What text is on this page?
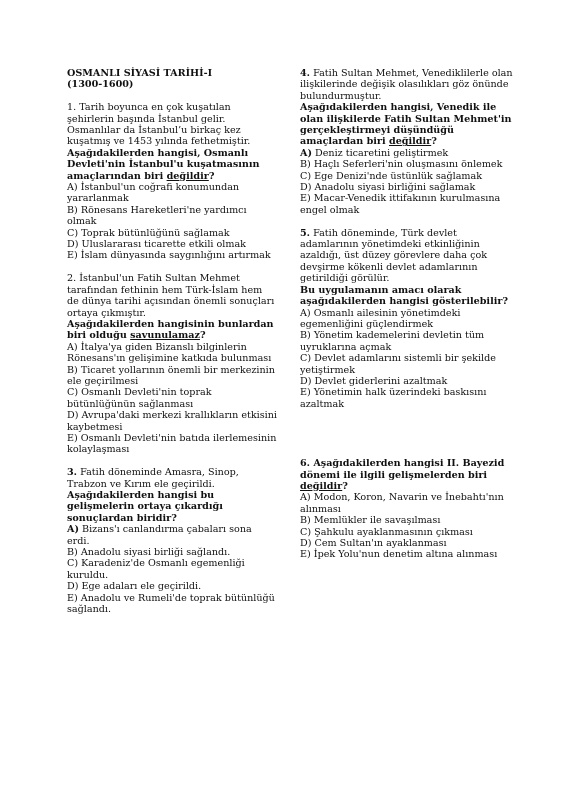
OSMANLI SİYASİ TARİHİ-I

(1300-1600)

1. Tarih boyunca en çok kuşatılan şehirlerin başında İstanbul gelir. Osmanlılar da İstanbul’u birkaç kez kuşatmış ve 1453 yılında fethetmiştir.

Aşağıdakilerden hangisi, Osmanlı Devleti'nin İstanbul'u kuşatmasının amaçlarından biri değildir?

A) İstanbul'un coğrafi konumundan yararlanmak

B) Rönesans Hareketleri'ne yardımcı olmak

C) Toprak bütünlüğünü sağlamak

D) Uluslararası ticarette etkili olmak

E) İslam dünyasında saygınlığını artırmak

2. İstanbul'un Fatih Sultan Mehmet tarafından fethinin hem Türk-İslam hem de dünya tarihi açısından önemli sonuçları ortaya çıkmıştır.

Aşağıdakilerden hangisinin bunlardan biri olduğu savunulamaz?

A) İtalya'ya giden Bizanslı bilginlerin Rönesans'ın gelişimine katkıda bulunması

B) Ticaret yollarının önemli bir merkezinin ele geçirilmesi

C) Osmanlı Devleti'nin toprak bütünlüğünün sağlanması

D) Avrupa'daki merkezi krallıkların etkisini kaybetmesi

E) Osmanlı Devleti'nin batıda ilerlemesinin kolaylaşması

3. Fatih döneminde Amasra, Sinop, Trabzon ve Kırım ele geçirildi.

Aşağıdakilerden hangisi bu gelişmelerin ortaya çıkardığı sonuçlardan biridir?

A) Bizans'ı canlandırma çabaları sona erdi.

B) Anadolu siyasi birliği sağlandı.

C) Karadeniz'de Osmanlı egemenliği kuruldu.

D) Ege adaları ele geçirildi.

E) Anadolu ve Rumeli'de toprak bütünlüğü sağlandı.

4. Fatih Sultan Mehmet, Venediklilerle olan ilişkilerinde değişik olasılıkları göz önünde bulundurmuştur.

Aşağıdakilerden hangisi, Venedik ile olan ilişkilerde Fatih Sultan Mehmet'in gerçekleştirmeyi düşündüğü amaçlardan biri değildir?

A) Deniz ticaretini geliştirmek

B) Haçlı Seferleri'nin oluşmasını önlemek

C) Ege Denizi'nde üstünlük sağlamak

D) Anadolu siyasi birliğini sağlamak

E) Macar-Venedik ittifakının kurulmasına engel olmak

5. Fatih döneminde, Türk devlet adamlarının yönetimdeki etkinliğinin azaldığı, üst düzey görevlere daha çok devşirme kökenli devlet adamlarının getirildiği görülür.

Bu uygulamanın amacı olarak aşağıdakilerden hangisi gösterilebilir?

A) Osmanlı ailesinin yönetimdeki egemenliğini güçlendirmek

B) Yönetim kademelerini devletin tüm uyruklarına açmak

C) Devlet adamlarını sistemli bir şekilde yetiştirmek

D) Devlet giderlerini azaltmak

E) Yönetimin halk üzerindeki baskısını azaltmak

6. Aşağıdakilerden hangisi II. Bayezid dönemi ile ilgili gelişmelerden biri değildir?

A) Modon, Koron, Navarin ve İnebahtı'nın alınması

B) Memlükler ile savaşılması

C) Şahkulu ayaklanmasının çıkması

D) Cem Sultan'ın ayaklanması

E) İpek Yolu'nun denetim altına alınması
